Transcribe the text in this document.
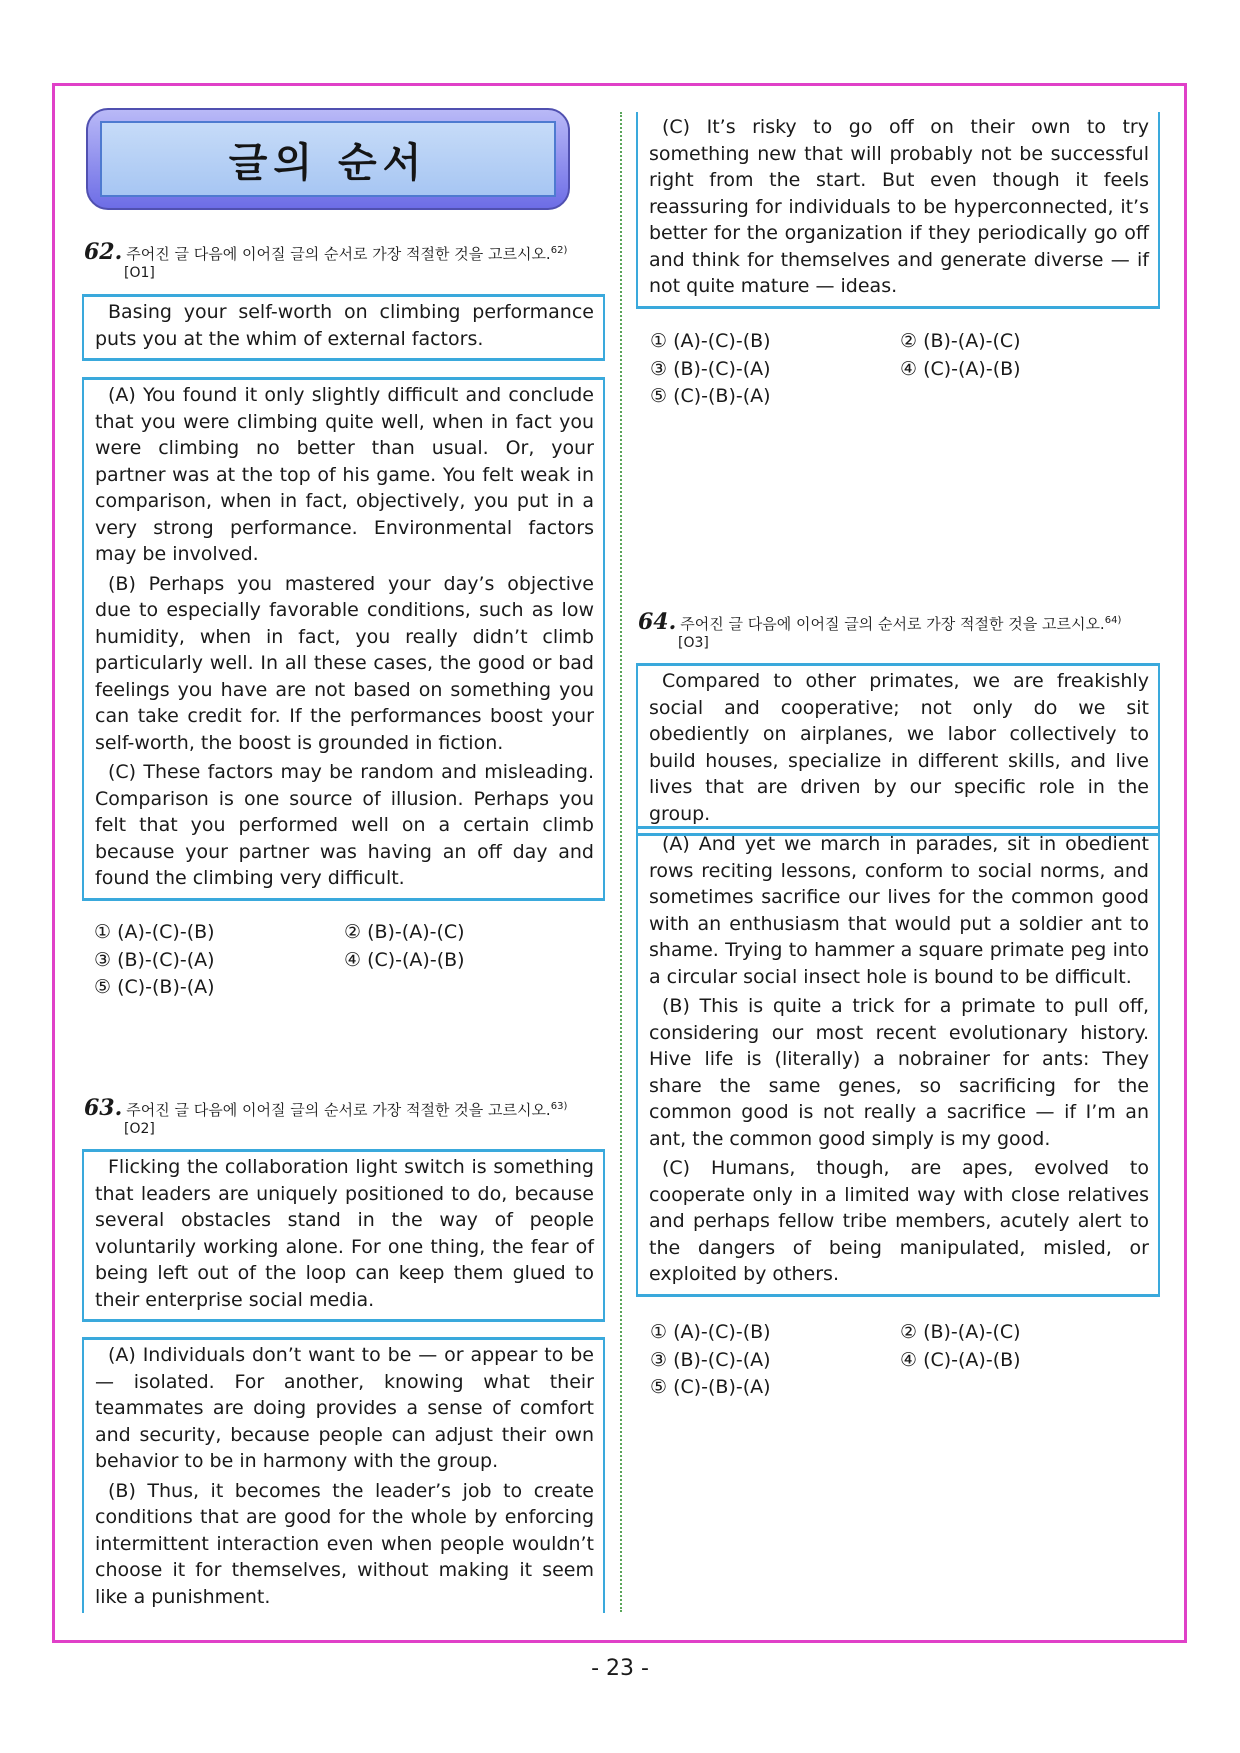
글의 순서
62. 주어진 글 다음에 이어질 글의 순서로 가장 적절한 것을 고르시오.$^{62)}$
[O1]

Basing your self-worth on climbing performance puts you at the whim of external factors.

(A) You found it only slightly difficult and conclude that you were climbing quite well, when in fact you were climbing no better than usual. Or, your partner was at the top of his game. You felt weak in comparison, when in fact, objectively, you put in a very strong performance. Environmental factors may be involved.

(B) Perhaps you mastered your day’s objective due to especially favorable conditions, such as low humidity, when in fact, you really didn’t climb particularly well. In all these cases, the good or bad feelings you have are not based on something you can take credit for. If the performances boost your self-worth, the boost is grounded in fiction.

(C) These factors may be random and misleading. Comparison is one source of illusion. Perhaps you felt that you performed well on a certain climb because your partner was having an off day and found the climbing very difficult.

① (A)-(C)-(B)	② (B)-(A)-(C)
③ (B)-(C)-(A)	④ (C)-(A)-(B)
⑤ (C)-(B)-(A)
63. 주어진 글 다음에 이어질 글의 순서로 가장 적절한 것을 고르시오.$^{63)}$
[O2]

Flicking the collaboration light switch is something that leaders are uniquely positioned to do, because several obstacles stand in the way of people voluntarily working alone. For one thing, the fear of being left out of the loop can keep them glued to their enterprise social media.

(A) Individuals don’t want to be — or appear to be — isolated. For another, knowing what their teammates are doing provides a sense of comfort and security, because people can adjust their own behavior to be in harmony with the group.

(B) Thus, it becomes the leader’s job to create conditions that are good for the whole by enforcing intermittent interaction even when people wouldn’t choose it for themselves, without making it seem like a punishment.

(C) It’s risky to go off on their own to try something new that will probably not be successful right from the start. But even though it feels reassuring for individuals to be hyperconnected, it’s better for the organization if they periodically go off and think for themselves and generate diverse — if not quite mature — ideas.

① (A)-(C)-(B)	② (B)-(A)-(C)
③ (B)-(C)-(A)	④ (C)-(A)-(B)
⑤ (C)-(B)-(A)
64. 주어진 글 다음에 이어질 글의 순서로 가장 적절한 것을 고르시오.$^{64)}$
[O3]

Compared to other primates, we are freakishly social and cooperative; not only do we sit obediently on airplanes, we labor collectively to build houses, specialize in different skills, and live lives that are driven by our specific role in the group.

(A) And yet we march in parades, sit in obedient rows reciting lessons, conform to social norms, and sometimes sacrifice our lives for the common good with an enthusiasm that would put a soldier ant to shame. Trying to hammer a square primate peg into a circular social insect hole is bound to be difficult.

(B) This is quite a trick for a primate to pull off, considering our most recent evolutionary history. Hive life is (literally) a nobrainer for ants: They share the same genes, so sacrificing for the common good is not really a sacrifice — if I’m an ant, the common good simply is my good.

(C) Humans, though, are apes, evolved to cooperate only in a limited way with close relatives and perhaps fellow tribe members, acutely alert to the dangers of being manipulated, misled, or exploited by others.

① (A)-(C)-(B)	② (B)-(A)-(C)
③ (B)-(C)-(A)	④ (C)-(A)-(B)
⑤ (C)-(B)-(A)
- 23 -
